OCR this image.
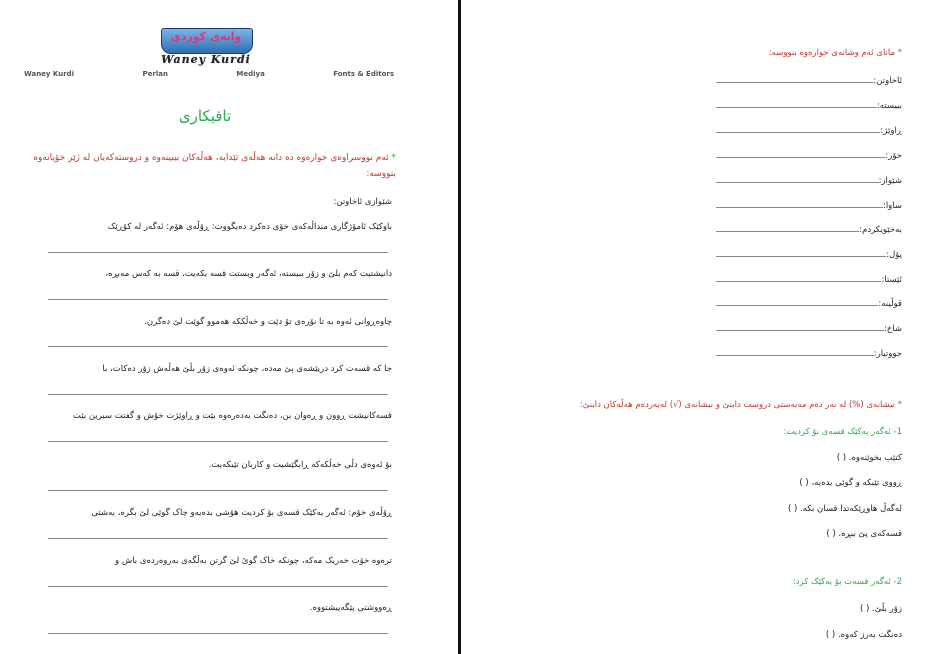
وانەی کوردی
Waney Kurdi
Waney Kurdi	Perlan	Mediya	Fonts & Editors
تاقیکاری
* ئەم نووسراوەی خوارەوە دە دانە هەڵەی تێدایە، هەڵەکان بیبینەوە و دروستەکەیان لە ژێر خۆیانەوە بنووسە:
شێوازی ئاخاوتن:
باوکێک ئامۆژگاری منداڵەکەی خۆی دەکرد دەیگووت: ڕۆڵەی هۆم: ئەگەر لە کۆڕێک
دانیشتیت کەم بلێ و زۆر ببیستە، ئەگەر ویستت قسە بکەیت، قسە بە کەس مەبڕە،
چاوەڕوانی ئەوە بە تا نۆرەی تۆ دێت و خەڵککە هەموو گوێت لێ دەگرن.
جا کە قسەت کرد دریێشەی پێ مەدە، چونکە ئەوەی زۆر بڵێ هەڵەش زۆر دەکات، با
قسەکانیشت ڕوون و ڕەوان بن، دەنگت بەدەرەوە بێت و ڕاوێژت خۆش و گفتت سیرین بێت
بۆ ئەوەی دڵی خەڵکەکە ڕابگێشیت و کاربان تێبکەیت.
ڕۆڵەی خۆم: ئەگەر یەکێک قسەی بۆ کردیت هۆشی بدەیەو چاک گوێی لێ بگرە، بەشتی
ترەوە خۆت خەریک مەکە، چونکە خاک گوێ لێ گرتن بەڵگەی بەروەردەی باش و
ڕەووشتی پێگەییشتووە.
* مانای ئەم وشانەی خوارەوە بنووسە:
ئاخاوتن:
ببیستە:
ڕاوێژ:
خۆر:
شێواز:
ساوا:
بەخێویکردم:
پۆل:
ئێستا:
قوڵینە:
شاخ:
جووتیار:
* نیشانەی (%) لە بەر دەم مەبەستی دروست دابنێ و نیشانەی (√) لەبەردەم هەڵەکان دابنێ:
1- ئەگەر یەکێک قسەی بۆ کردیت:
کتێب بخوێنەوە. ( )
ڕووی تێبکە و گوێی بدەیە، ( )
لەگەڵ هاوڕێکەتدا قسان بکە. ( )
قسەکەی پێ ببڕە. ( )
2- ئەگەر قسەت بۆ یەکێک کرد:
زۆر بڵێ. ( )
دەنگت بەرز کەوە. ( )
